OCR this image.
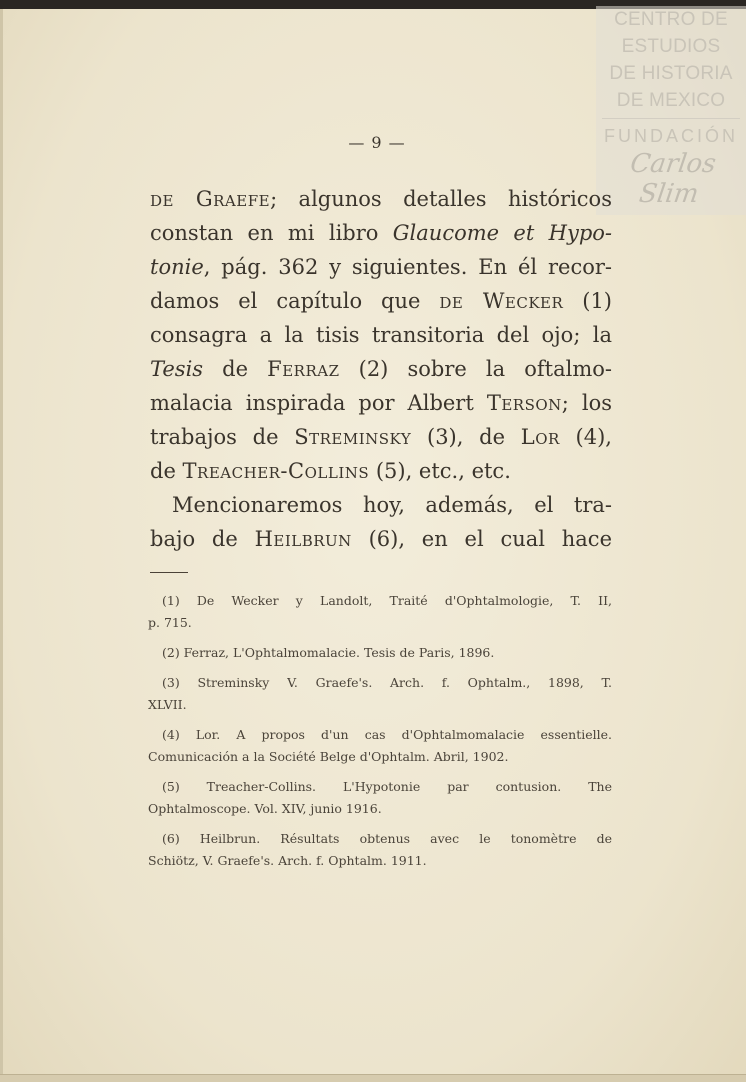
CENTRO DE
ESTUDIOS
DE HISTORIA
DE MEXICO
FUNDACIÓN
Carlos Slim
— 9 —

de Graefe; algunos detalles históricos
constan en mi libro Glaucome et Hypo-
tonie, pág. 362 y siguientes. En él recor-
damos el capítulo que de Wecker (1)
consagra a la tisis transitoria del ojo; la
Tesis de Ferraz (2) sobre la oftalmo-
malacia inspirada por Albert Terson; los
trabajos de Streminsky (3), de Lor (4),
de Treacher-Collins (5), etc., etc.

Mencionaremos hoy, además, el tra-
bajo de Heilbrun (6), en el cual hace

(1) De Wecker y Landolt, Traité d'Ophtalmologie, T. II,
p. 715.
(2) Ferraz, L'Ophtalmomalacie. Tesis de Paris, 1896.
(3) Streminsky V. Graefe's. Arch. f. Ophtalm., 1898, T.
XLVII.
(4) Lor. A propos d'un cas d'Ophtalmomalacie essentielle.
Comunicación a la Société Belge d'Ophtalm. Abril, 1902.
(5) Treacher-Collins. L'Hypotonie par contusion. The
Ophtalmoscope. Vol. XIV, junio 1916.
(6) Heilbrun. Résultats obtenus avec le tonomètre de
Schiötz, V. Graefe's. Arch. f. Ophtalm. 1911.
